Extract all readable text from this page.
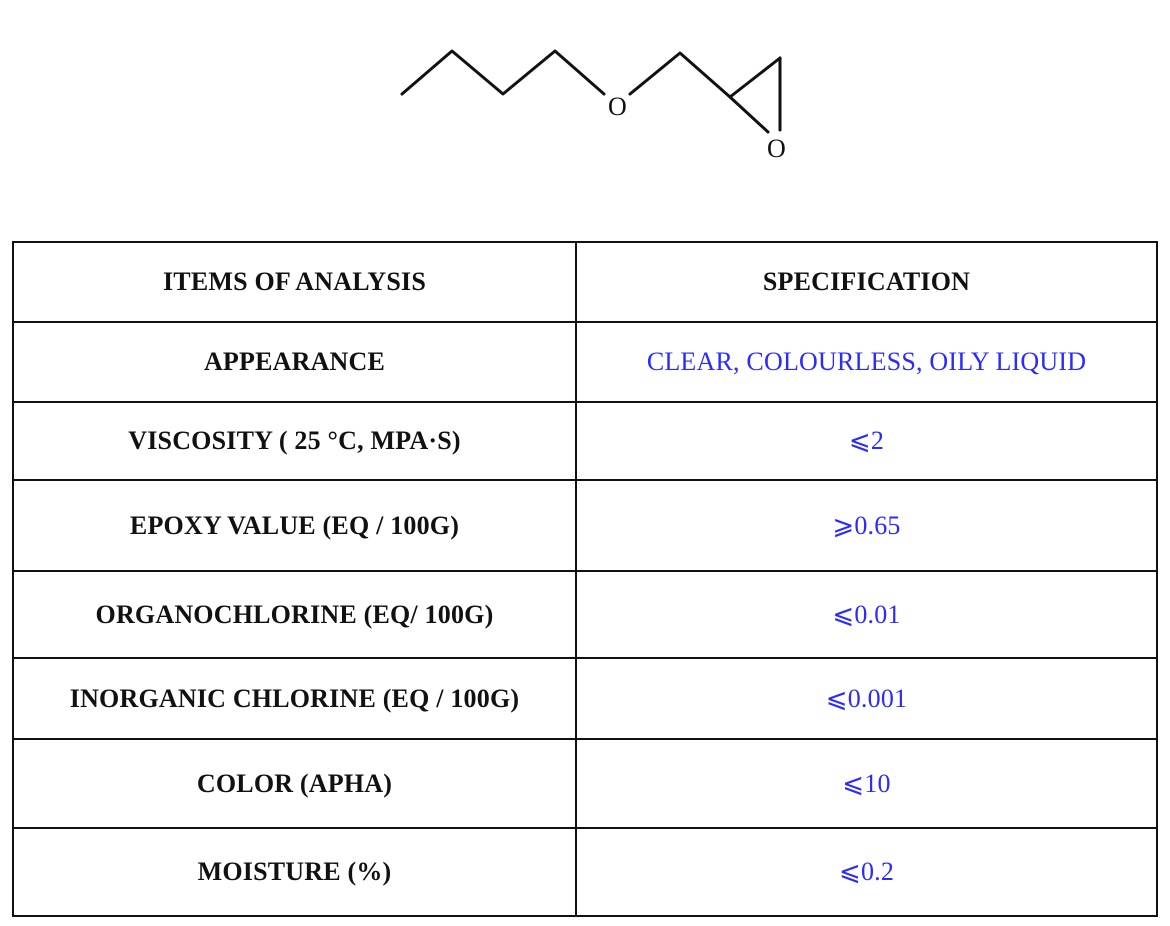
O
O
ITEMS OF ANALYSIS	SPECIFICATION
APPEARANCE	CLEAR, COLOURLESS, OILY LIQUID
VISCOSITY ( 25 °C, MPA·S)	⩽2
EPOXY VALUE (EQ / 100G)	⩾0.65
ORGANOCHLORINE (EQ/ 100G)	⩽0.01
INORGANIC CHLORINE (EQ / 100G)	⩽0.001
COLOR (APHA)	⩽10
MOISTURE (%)	⩽0.2
